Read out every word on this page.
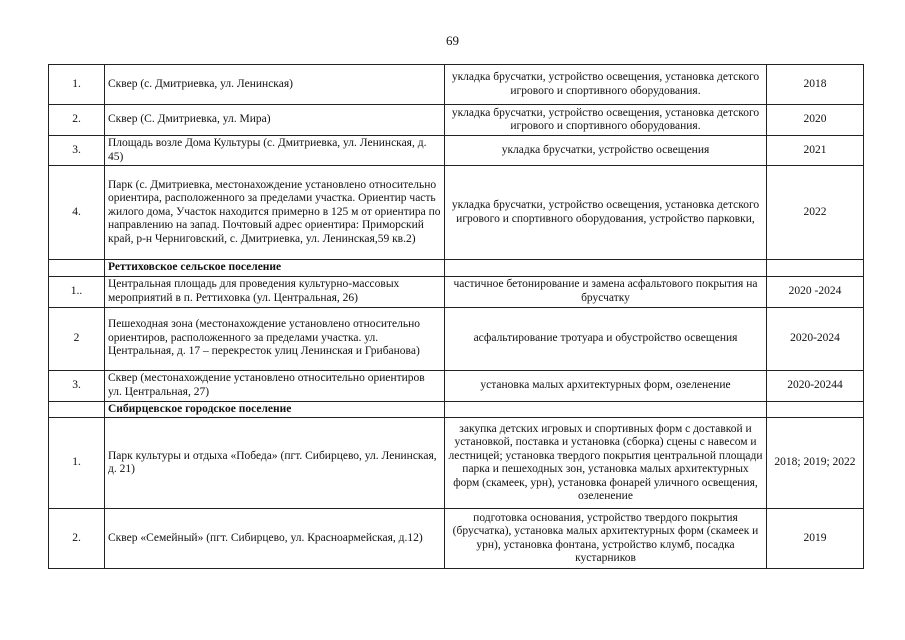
69
1.	Сквер (с. Дмитриевка, ул. Ленинская)	укладка брусчатки, устройство освещения, установка детского игрового и спортивного оборудования.	2018
2.	Сквер (С. Дмитриевка, ул. Мира)	укладка брусчатки, устройство освещения, установка детского игрового и спортивного оборудования.	2020
3.	Площадь возле Дома Культуры (с. Дмитриевка, ул. Ленинская, д. 45)	укладка брусчатки, устройство освещения	2021
4.	Парк (с. Дмитриевка, местонахождение установлено относительно ориентира, расположенного за пределами участка. Ориентир часть жилого дома, Участок находится примерно в 125 м от ориентира по направлению на запад. Почтовый адрес ориентира: Приморский край, р-н Черниговский, с. Дмитриевка, ул. Ленинская,59 кв.2)	укладка брусчатки, устройство освещения, установка детского игрового и спортивного оборудования, устройство парковки,	2022
	Реттиховское сельское поселение		
1..	Центральная площадь для проведения культурно-массовых мероприятий в п. Реттиховка (ул. Центральная, 26)	частичное бетонирование и замена асфальтового покрытия на брусчатку	2020 -2024
2	Пешеходная зона (местонахождение установлено относительно ориентиров, расположенного за пределами участка. ул. Центральная, д. 17 – перекресток улиц Ленинская и Грибанова)	асфальтирование тротуара и обустройство освещения	2020-2024
3.	Сквер (местонахождение установлено относительно ориентиров ул. Центральная, 27)	установка малых архитектурных форм, озеленение	2020-20244
	Сибирцевское городское поселение		
1.	Парк культуры и отдыха «Победа» (пгт. Сибирцево, ул. Ленинская, д. 21)	закупка детских игровых и спортивных форм с доставкой и установкой, поставка и установка (сборка) сцены с навесом и лестницей; установка твердого покрытия центральной площади парка и пешеходных зон, установка малых архитектурных форм (скамеек, урн), установка фонарей уличного освещения, озеленение	2018; 2019; 2022
2.	Сквер «Семейный» (пгт. Сибирцево, ул. Красноармейская, д.12)	подготовка основания, устройство твердого покрытия (брусчатка), установка малых архитектурных форм (скамеек и урн), установка фонтана, устройство клумб, посадка кустарников	2019
